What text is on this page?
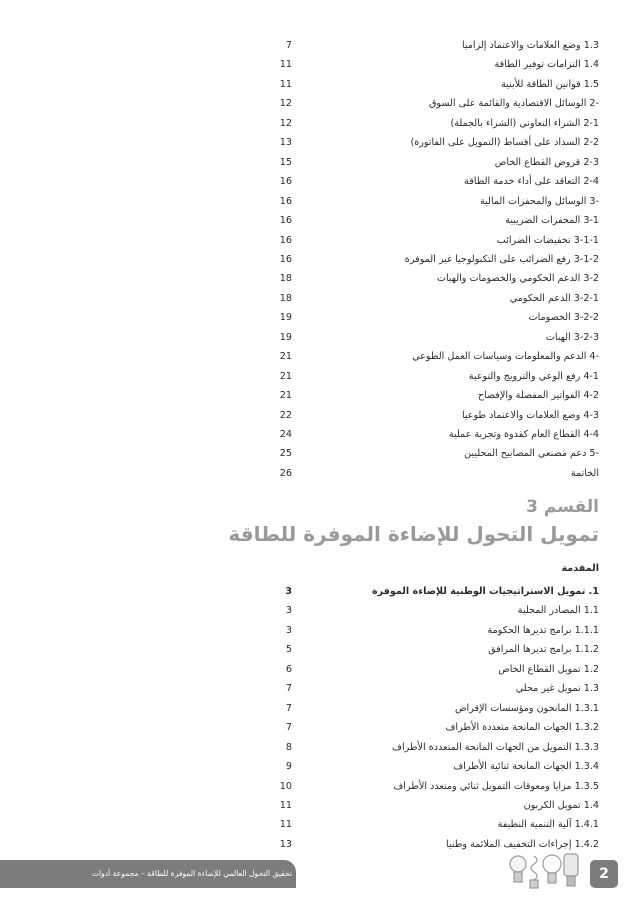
1.3 وضع العلامات والاعتماد إلزاميا
7
1.4 التزامات توفير الطاقة
11
1.5 قوانين الطاقة للأبنية
11
-2 الوسائل الاقتصادية والقائمة على السوق
12
2-1 الشراء التعاوني (الشراء بالجملة)
12
2-2 السداد على أقساط (التمويل على الفاتورة)
13
2-3 قروض القطاع الخاص
15
2-4 التعاقد على أداء خدمة الطاقة
16
-3 الوسائل والمحفزات المالية
16
3-1 المحفزات الضريبية
16
3-1-1 تخفيضات الضرائب
16
3-1-2 رفع الضرائب على التكنولوجيا غير الموفرة
16
3-2 الدعم الحكومي والخصومات والهبات
18
3-2-1 الدعم الحكومي
18
3-2-2 الخصومات
19
3-2-3 الهبات
19
-4 الدعم والمعلومات وسياسات العمل الطوعي
21
4-1 رفع الوعي والترويج والتوعية
21
4-2 الفواتير المفصلة والإفصاح
21
4-3 وضع العلامات والاعتماد طوعيا
22
4-4 القطاع العام كقدوة وتجربة عملية
24
-5 دعم مصنعي المصابيح المحليين
25
الخاتمة
26
القسم 3
تمويل التحول للإضاءة الموفرة للطاقة
المقدمة
1. تمويل الاستراتيجيات الوطنية للإضاءة الموفرة
3
1.1 المصادر المحلية
3
1.1.1 برامج تديرها الحكومة
3
1.1.2 برامج تديرها المرافق
5
1.2 تمويل القطاع الخاص
6
1.3 تمويل غير محلي
7
1.3.1 المانحون ومؤسسات الإقراض
7
1.3.2 الجهات المانحة متعددة الأطراف
7
1.3.3 التمويل من الجهات المانحة المتعددة الأطراف
8
1.3.4 الجهات المانحة ثنائية الأطراف
9
1.3.5 مزايا ومعوقات التمويل ثنائي ومتعدد الأطراف
10
1.4 تمويل الكربون
11
1.4.1 آلية التنمية النظيفة
11
1.4.2 إجراءات التخفيف الملائمة وطنيا
13
تحقيق التحول العالمي للإضاءة الموفرة للطاقة – مجموعة أدوات	2
